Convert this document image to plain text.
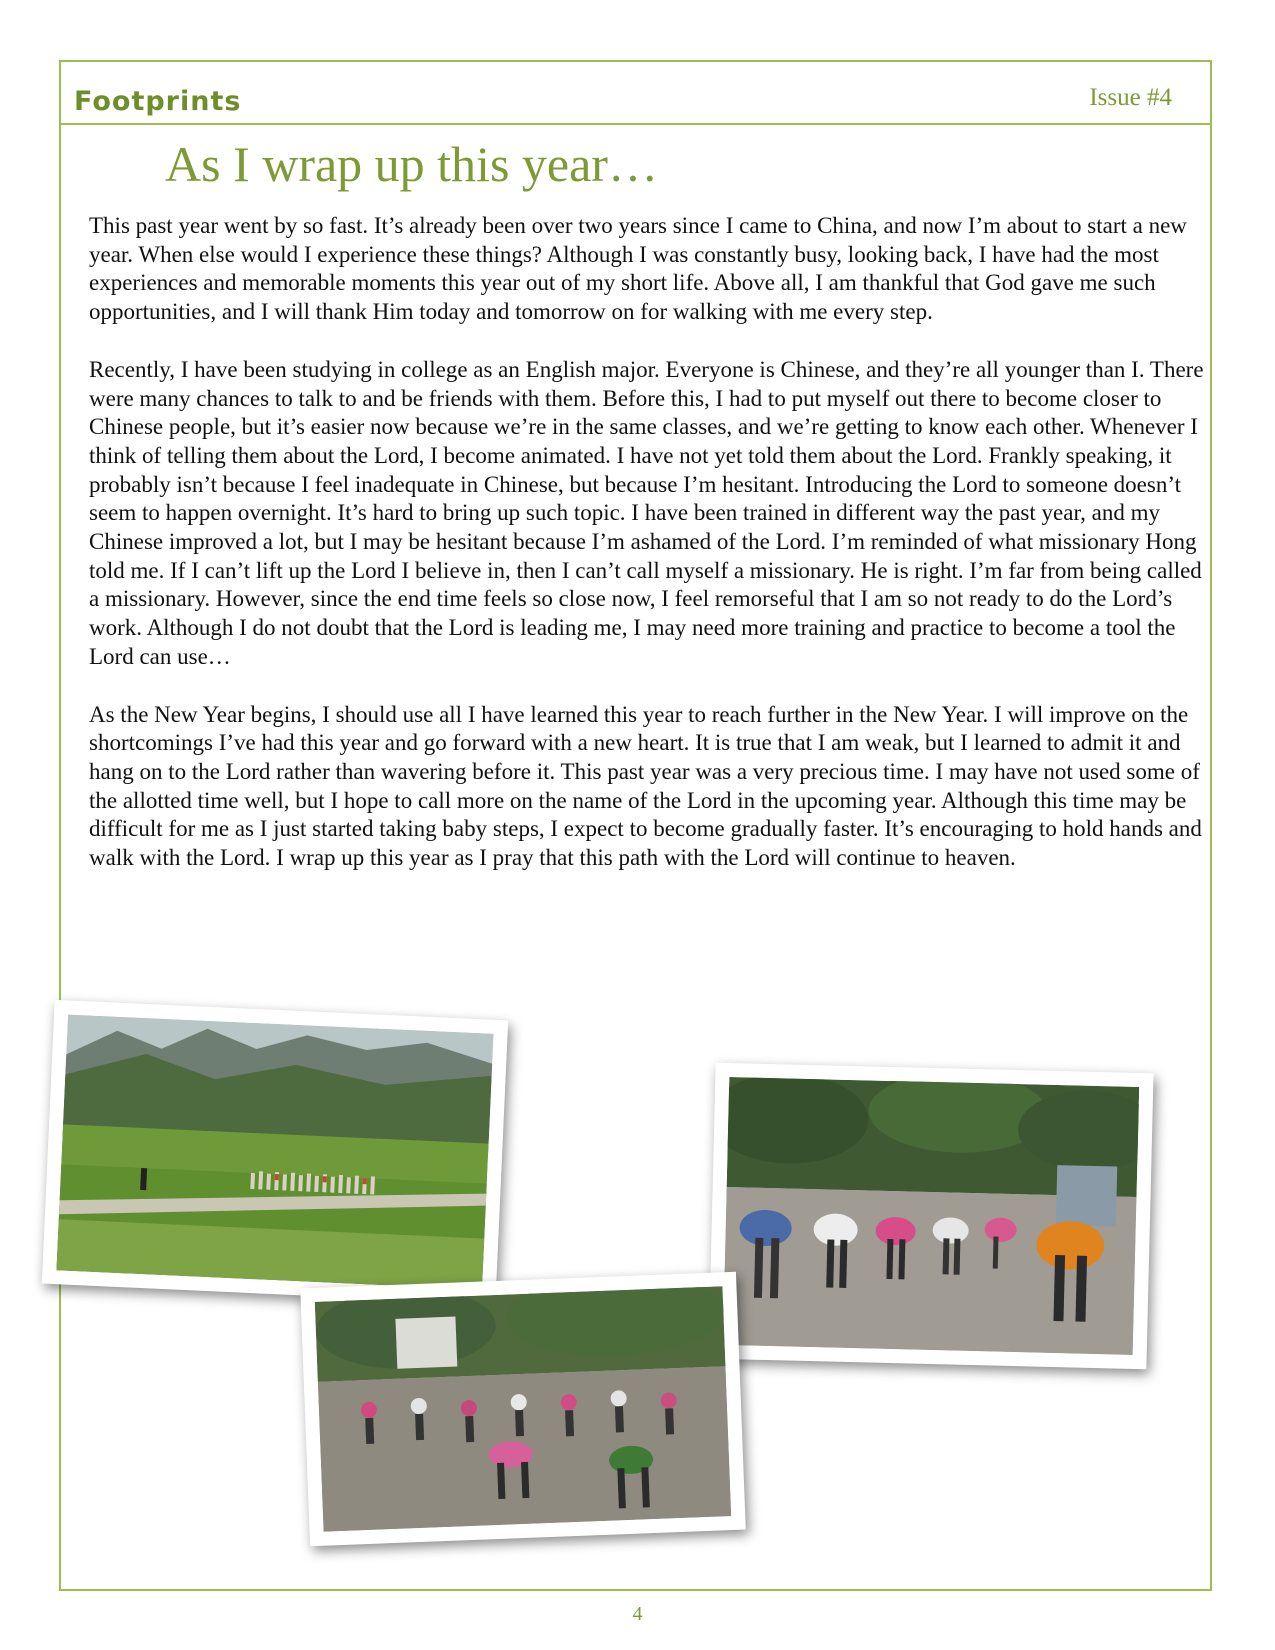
Footprints	Issue #4
As I wrap up this year…

This past year went by so fast. It’s already been over two years since I came to China, and now I’m about to start a new year. When else would I experience these things? Although I was constantly busy, looking back, I have had the most experiences and memorable moments this year out of my short life. Above all, I am thankful that God gave me such opportunities, and I will thank Him today and tomorrow on for walking with me every step.

Recently, I have been studying in college as an English major. Everyone is Chinese, and they’re all younger than I. There were many chances to talk to and be friends with them. Before this, I had to put myself out there to become closer to Chinese people, but it’s easier now because we’re in the same classes, and we’re getting to know each other. Whenever I think of telling them about the Lord, I become animated. I have not yet told them about the Lord. Frankly speaking, it probably isn’t because I feel inadequate in Chinese, but because I’m hesitant. Introducing the Lord to someone doesn’t seem to happen overnight. It’s hard to bring up such topic. I have been trained in different way the past year, and my Chinese improved a lot, but I may be hesitant because I’m ashamed of the Lord. I’m reminded of what missionary Hong told me. If I can’t lift up the Lord I believe in, then I can’t call myself a missionary. He is right. I’m far from being called a missionary. However, since the end time feels so close now, I feel remorseful that I am so not ready to do the Lord’s work. Although I do not doubt that the Lord is leading me, I may need more training and practice to become a tool the Lord can use…

As the New Year begins, I should use all I have learned this year to reach further in the New Year. I will improve on the shortcomings I’ve had this year and go forward with a new heart. It is true that I am weak, but I learned to admit it and hang on to the Lord rather than wavering before it. This past year was a very precious time. I may have not used some of the allotted time well, but I hope to call more on the name of the Lord in the upcoming year. Although this time may be difficult for me as I just started taking baby steps, I expect to become gradually faster. It’s encouraging to hold hands and walk with the Lord. I wrap up this year as I pray that this path with the Lord will continue to heaven.

4
